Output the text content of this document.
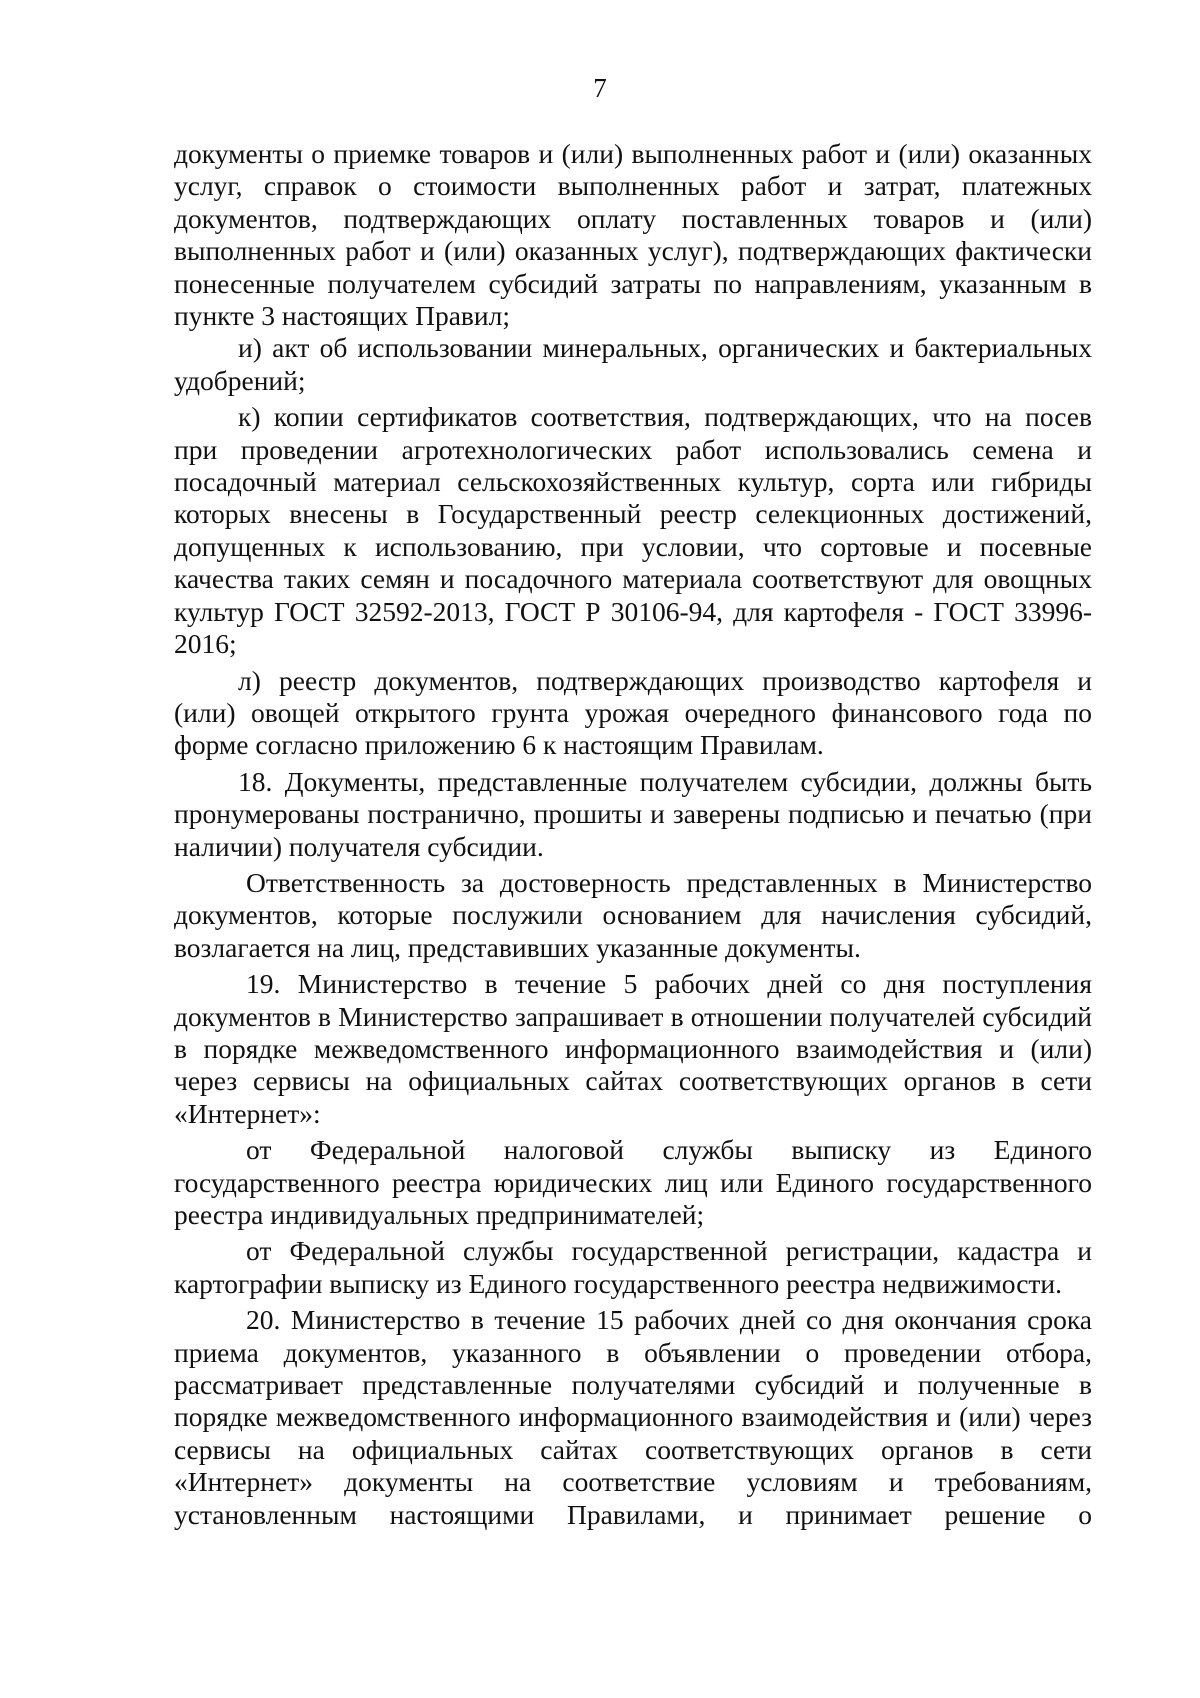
7

документы о приемке товаров и (или) выполненных работ и (или) оказанных услуг, справок о стоимости выполненных работ и затрат, платежных документов, подтверждающих оплату поставленных товаров и (или) выполненных работ и (или) оказанных услуг), подтверждающих фактически понесенные получателем субсидий затраты по направлениям, указанным в пункте 3 настоящих Правил;

и) акт об использовании минеральных, органических и бактериальных удобрений;

к) копии сертификатов соответствия, подтверждающих, что на посев при проведении агротехнологических работ использовались семена и посадочный материал сельскохозяйственных культур, сорта или гибриды которых внесены в Государственный реестр селекционных достижений, допущенных к использованию, при условии, что сортовые и посевные качества таких семян и посадочного материала соответствуют для овощных культур ГОСТ 32592-2013, ГОСТ Р 30106-94, для картофеля - ГОСТ 33996-2016;

л) реестр документов, подтверждающих производство картофеля и (или) овощей открытого грунта урожая очередного финансового года по форме согласно приложению 6 к настоящим Правилам.

18. Документы, представленные получателем субсидии, должны быть пронумерованы постранично, прошиты и заверены подписью и печатью (при наличии) получателя субсидии.

Ответственность за достоверность представленных в Министерство документов, которые послужили основанием для начисления субсидий, возлагается на лиц, представивших указанные документы.

19. Министерство в течение 5 рабочих дней со дня поступления документов в Министерство запрашивает в отношении получателей субсидий в порядке межведомственного информационного взаимодействия и (или) через сервисы на официальных сайтах соответствующих органов в сети «Интернет»:

от Федеральной налоговой службы выписку из Единого государственного реестра юридических лиц или Единого государственного реестра индивидуальных предпринимателей;

от Федеральной службы государственной регистрации, кадастра и картографии выписку из Единого государственного реестра недвижимости.

20. Министерство в течение 15 рабочих дней со дня окончания срока приема документов, указанного в объявлении о проведении отбора, рассматривает представленные получателями субсидий и полученные в порядке межведомственного информационного взаимодействия и (или) через сервисы на официальных сайтах соответствующих органов в сети «Интернет» документы на соответствие условиям и требованиям, установленным настоящими Правилами, и принимает решение о
